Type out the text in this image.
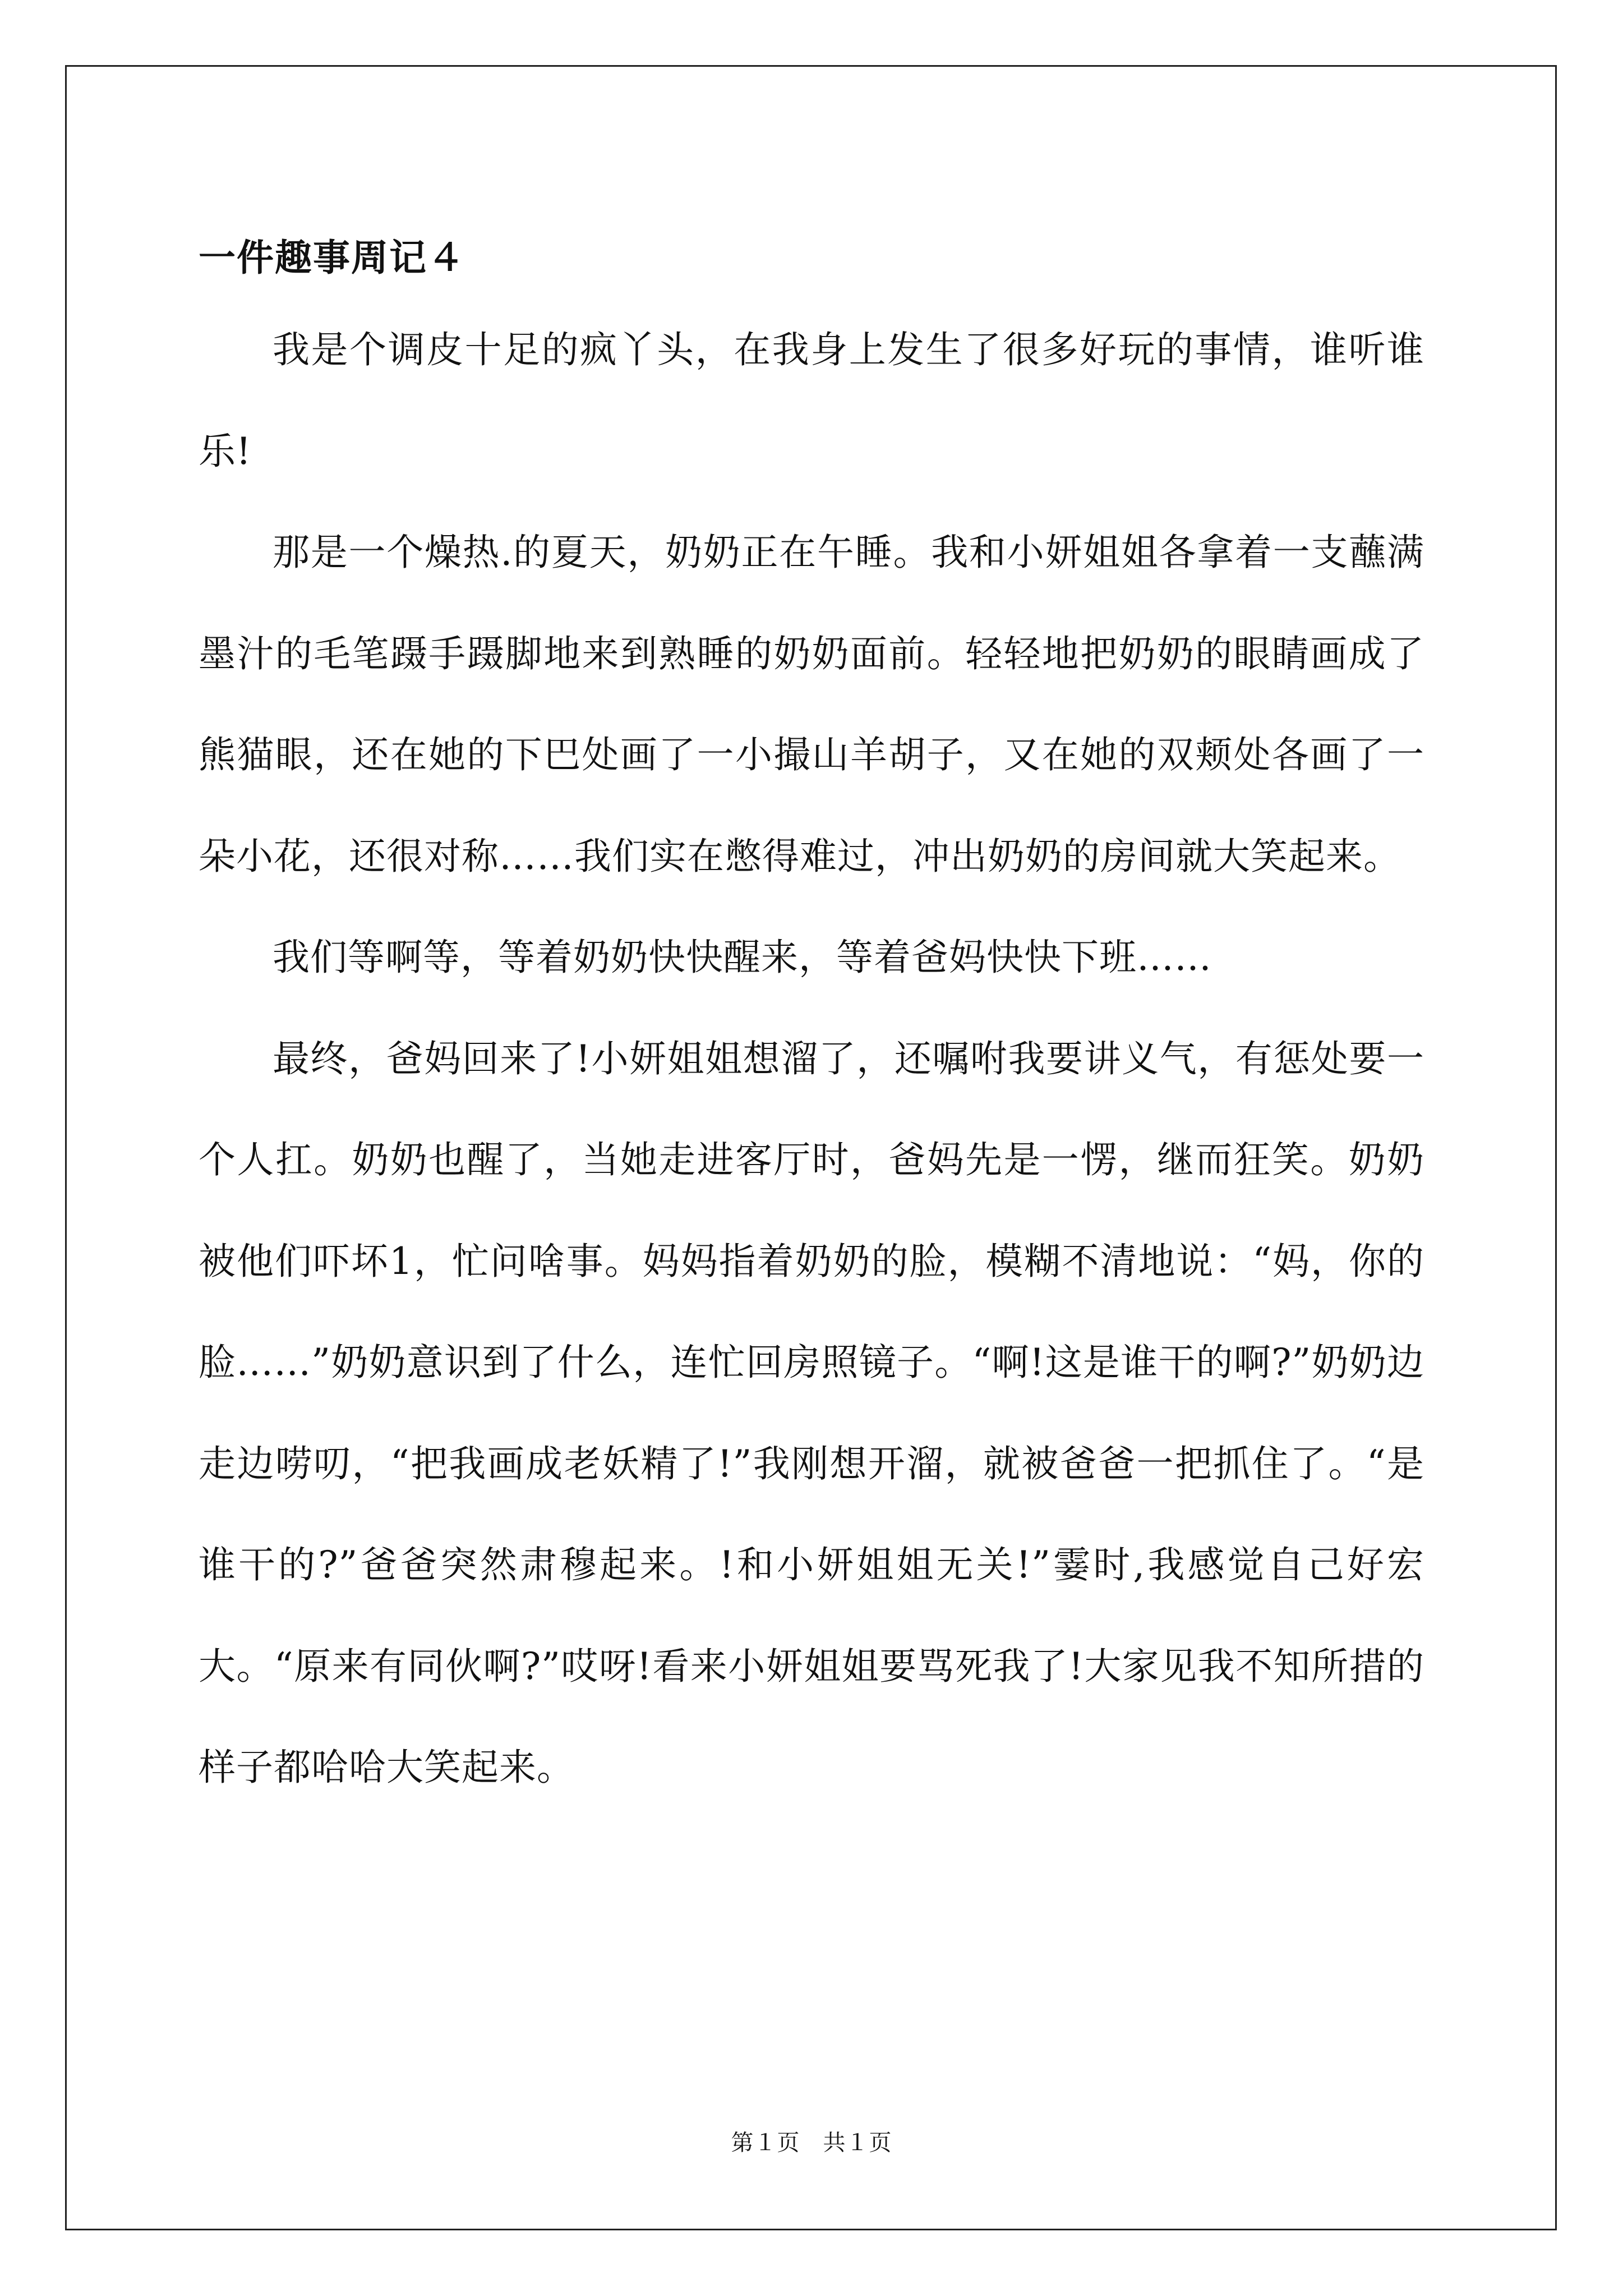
一件趣事周记４

我是个调皮十足的疯丫头，在我身上发生了很多好玩的事情，谁听谁乐!

那是一个燥热.的夏天，奶奶正在午睡。我和小妍姐姐各拿着一支蘸满墨汁的毛笔蹑手蹑脚地来到熟睡的奶奶面前。轻轻地把奶奶的眼睛画成了熊猫眼，还在她的下巴处画了一小撮山羊胡子，又在她的双颊处各画了一朵小花，还很对称……我们实在憋得难过，冲出奶奶的房间就大笑起来。

我们等啊等，等着奶奶快快醒来，等着爸妈快快下班……

最终，爸妈回来了!小妍姐姐想溜了，还嘱咐我要讲义气，有惩处要一个人扛。奶奶也醒了，当她走进客厅时，爸妈先是一愣，继而狂笑。奶奶被他们吓坏1，忙问啥事。妈妈指着奶奶的脸，模糊不清地说：“妈，你的脸……”奶奶意识到了什么，连忙回房照镜子。“啊!这是谁干的啊?”奶奶边走边唠叨，“把我画成老妖精了!”我刚想开溜，就被爸爸一把抓住了。“是谁干的?”爸爸突然肃穆起来。!和小妍姐姐无关!”霎时,我感觉自己好宏大。“原来有同伙啊?”哎呀!看来小妍姐姐要骂死我了!大家见我不知所措的样子都哈哈大笑起来。

第１页　共１页
